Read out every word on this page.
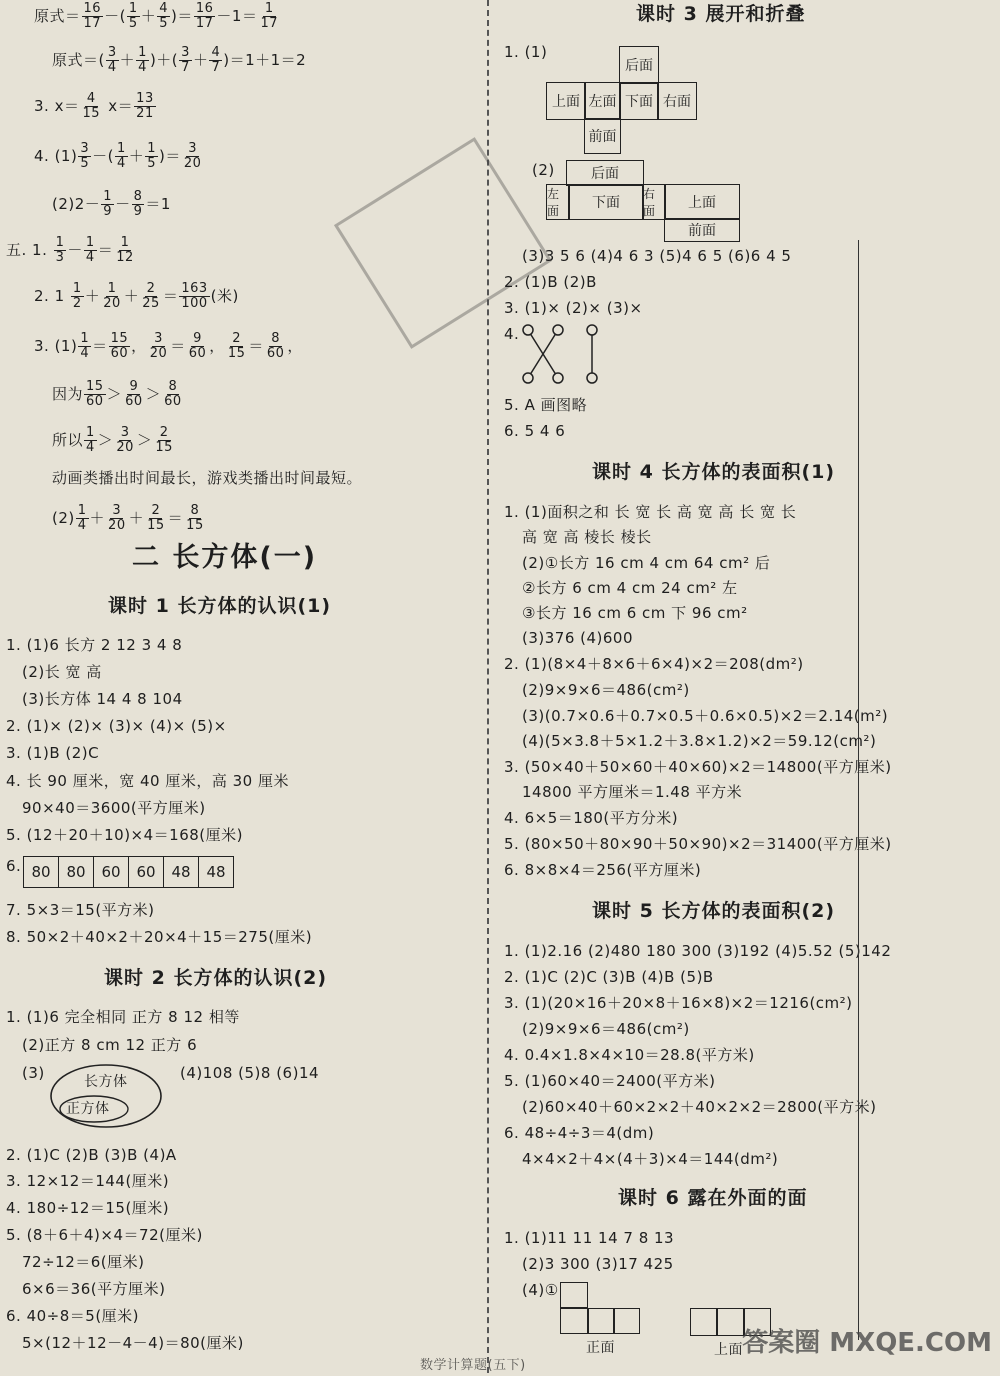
原式＝ $\frac{16}{17}$ －( $\frac{1}{5} + \frac{4}{5}$ )＝ $\frac{16}{17} -1= \frac{1}{17}$
原式＝( $\frac{3}{4} + \frac{1}{4}$ )＋( $\frac{3}{7} + \frac{4}{7} )=1+1=2$
3. $x= \frac{4}{15} x= \frac{13}{21}$
4. $(1) \frac{3}{5}$ －( $\frac{1}{4} + \frac{1}{5}$ )＝ $\frac{3}{20}$
$(2)2- \frac{1}{9} - \frac{8}{9} =1$
五. 1. $\frac{1}{3} - \frac{1}{4} = \frac{1}{12}$
2. $1 \frac{1}{2} + \frac{1}{20} + \frac{2}{25} = \frac{163}{100}$ (米)
3. $(1) \frac{1}{4} = \frac{15}{60}$ ， $\frac{3}{20} = \frac{9}{60}$ ， $\frac{2}{15} = \frac{8}{60}$ ，
因为 $\frac{15}{60} > \frac{9}{60} > \frac{8}{60}$
所以 $\frac{1}{4} > \frac{3}{20} > \frac{2}{15}$
动画类播出时间最长，游戏类播出时间最短。
$(2) \frac{1}{4} + \frac{3}{20} + \frac{2}{15} = \frac{8}{15}$
二 长方体(一)
课时 1 长方体的认识(1)
1. (1)6 长方 2 12 3 4 8
(2)长 宽 高
(3)长方体 14 4 8 104
2. (1)× (2)× (3)× (4)× (5)×
3. (1)B (2)C
4. 长 90 厘米，宽 40 厘米，高 30 厘米
90×40＝3600(平方厘米)
5. (12＋20＋10)×4＝168(厘米)
6. 80	80	60	60	48	48
7. 5×3＝15(平方米)
8. 50×2＋40×2＋20×4＋15＝275(厘米)
课时 2 长方体的认识(2)
1. (1)6 完全相同 正方 8 12 相等
(2)正方 8 cm 12 正方 6
(3)	长方体
正方体
(4)108 (5)8 (6)14
2. (1)C (2)B (3)B (4)A
3. 12×12＝144(厘米)
4. 180÷12＝15(厘米)
5. (8＋6＋4)×4＝72(厘米)
72÷12＝6(厘米)
6×6＝36(平方厘米)
6. 40÷8＝5(厘米)
5×(12＋12－4－4)＝80(厘米)
课时 3 展开和折叠
1. (1)
后面
上面 左面 下面 右面
前面
(2)	后面
左面	下面
右面	上面
前面
(3)3 5 6 (4)4 6 3 (5)4 6 5 (6)6 4 5
2. (1)B (2)B
3. (1)× (2)× (3)×
4.
5. A 画图略
6. 5 4 6
课时 4 长方体的表面积(1)
1. (1)面积之和 长 宽 长 高 宽 高 长 宽 长
高 宽 高 棱长 棱长
(2)①长方 16 cm 4 cm 64 cm² 后
②长方 6 cm 4 cm 24 cm² 左
③长方 16 cm 6 cm 下 96 cm²
(3)376 (4)600
2. (1)(8×4＋8×6＋6×4)×2＝208(dm²)
(2)9×9×6＝486(cm²)
(3)(0.7×0.6＋0.7×0.5＋0.6×0.5)×2＝2.14(m²)
(4)(5×3.8＋5×1.2＋3.8×1.2)×2＝59.12(cm²)
3. (50×40＋50×60＋40×60)×2＝14800(平方厘米)
14800 平方厘米＝1.48 平方米
4. 6×5＝180(平方分米)
5. (80×50＋80×90＋50×90)×2＝31400(平方厘米)
6. 8×8×4＝256(平方厘米)
课时 5 长方体的表面积(2)
1. (1)2.16 (2)480 180 300 (3)192 (4)5.52 (5)142
2. (1)C (2)C (3)B (4)B (5)B
3. (1)(20×16＋20×8＋16×8)×2＝1216(cm²)
(2)9×9×6＝486(cm²)
4. 0.4×1.8×4×10＝28.8(平方米)
5. (1)60×40＝2400(平方米)
(2)60×40＋60×2×2＋40×2×2＝2800(平方米)
6. 48÷4÷3＝4(dm)
4×4×2＋4×(4＋3)×4＝144(dm²)
课时 6 露在外面的面
1. (1)11 11 14 7 8 13
(2)3 300 (3)17 425
(4)①
正面	上面 答案圈 MXQE.COM
数学计算题(五下)
